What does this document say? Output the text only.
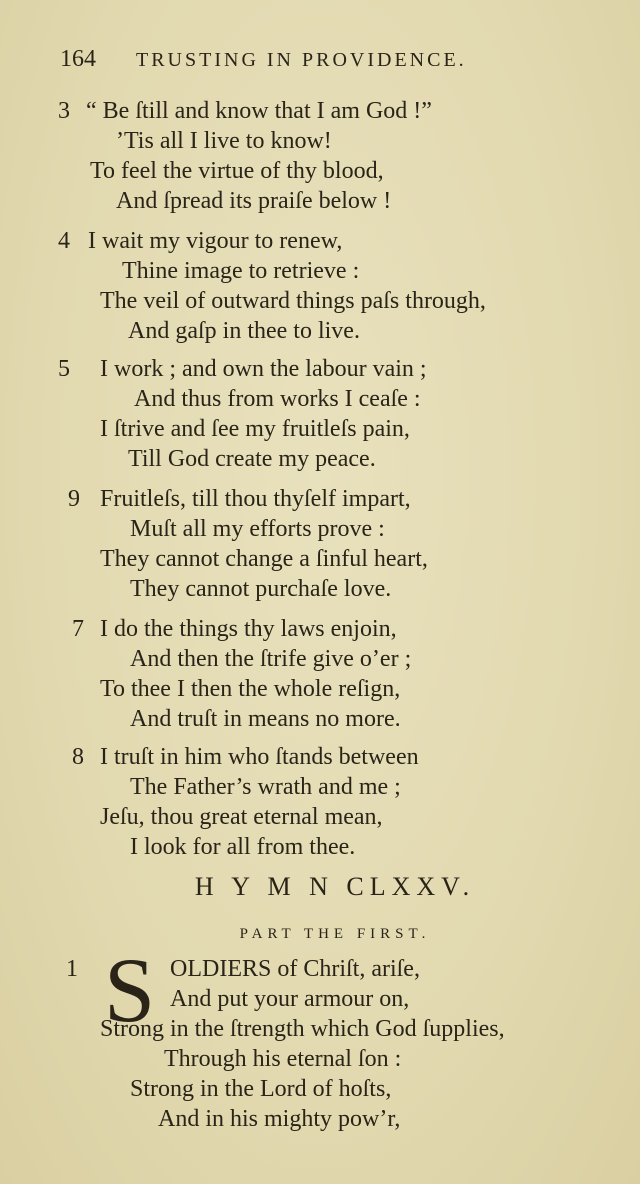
164 TRUSTING IN PROVIDENCE.
3 “ Be ſtill and know that I am God !”
’Tis all I live to know!
To feel the virtue of thy blood,
And ſpread its praiſe below !
4 I wait my vigour to renew,
Thine image to retrieve :
The veil of outward things paſs through,
And gaſp in thee to live.
5 I work ; and own the labour vain ;
And thus from works I ceaſe :
I ſtrive and ſee my fruitleſs pain,
Till God create my peace.
9 Fruitleſs, till thou thyſelf impart,
Muſt all my efforts prove :
They cannot change a ſinful heart,
They cannot purchaſe love.
7 I do the things thy laws enjoin,
And then the ſtrife give o’er ;
To thee I then the whole reſign,
And truſt in means no more.
8 I truſt in him who ſtands between
The Father’s wrath and me ;
Jeſu, thou great eternal mean,
I look for all from thee.
H Y M N CLXXV.
PART THE FIRST.
1 S OLDIERS of Chriſt, ariſe,
And put your armour on,
Strong in the ſtrength which God ſupplies,
Through his eternal ſon :
Strong in the Lord of hoſts,
And in his mighty pow’r,
